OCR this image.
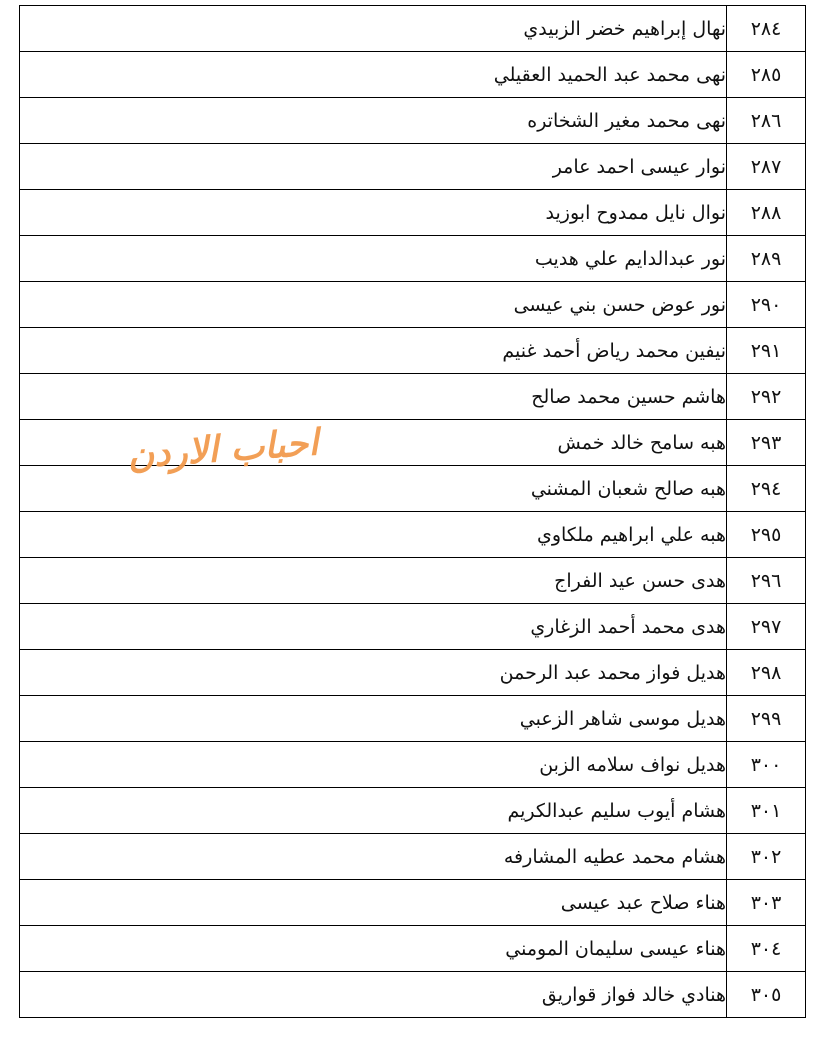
٢٨٤	نهال إبراهيم خضر الزبيدي
٢٨٥	نهى محمد عبد الحميد العقيلي
٢٨٦	نهى محمد مغير الشخاتره
٢٨٧	نوار عيسى احمد عامر
٢٨٨	نوال نايل ممدوح ابوزيد
٢٨٩	نور عبدالدايم علي هديب
٢٩٠	نور عوض حسن بني عيسى
٢٩١	نيفين محمد رياض أحمد غنيم
٢٩٢	هاشم حسين محمد صالح
٢٩٣	هبه سامح خالد خمش
٢٩٤	هبه صالح شعبان المشني
٢٩٥	هبه علي ابراهيم ملكاوي
٢٩٦	هدى حسن عيد الفراج
٢٩٧	هدى محمد أحمد الزغاري
٢٩٨	هديل فواز محمد عبد الرحمن
٢٩٩	هديل موسى شاهر الزعبي
٣٠٠	هديل نواف سلامه الزبن
٣٠١	هشام أيوب سليم عبدالكريم
٣٠٢	هشام محمد عطيه المشارفه
٣٠٣	هناء صلاح عبد عيسى
٣٠٤	هناء عيسى سليمان المومني
٣٠٥	هنادي خالد فواز قواريق
احباب الاردن
